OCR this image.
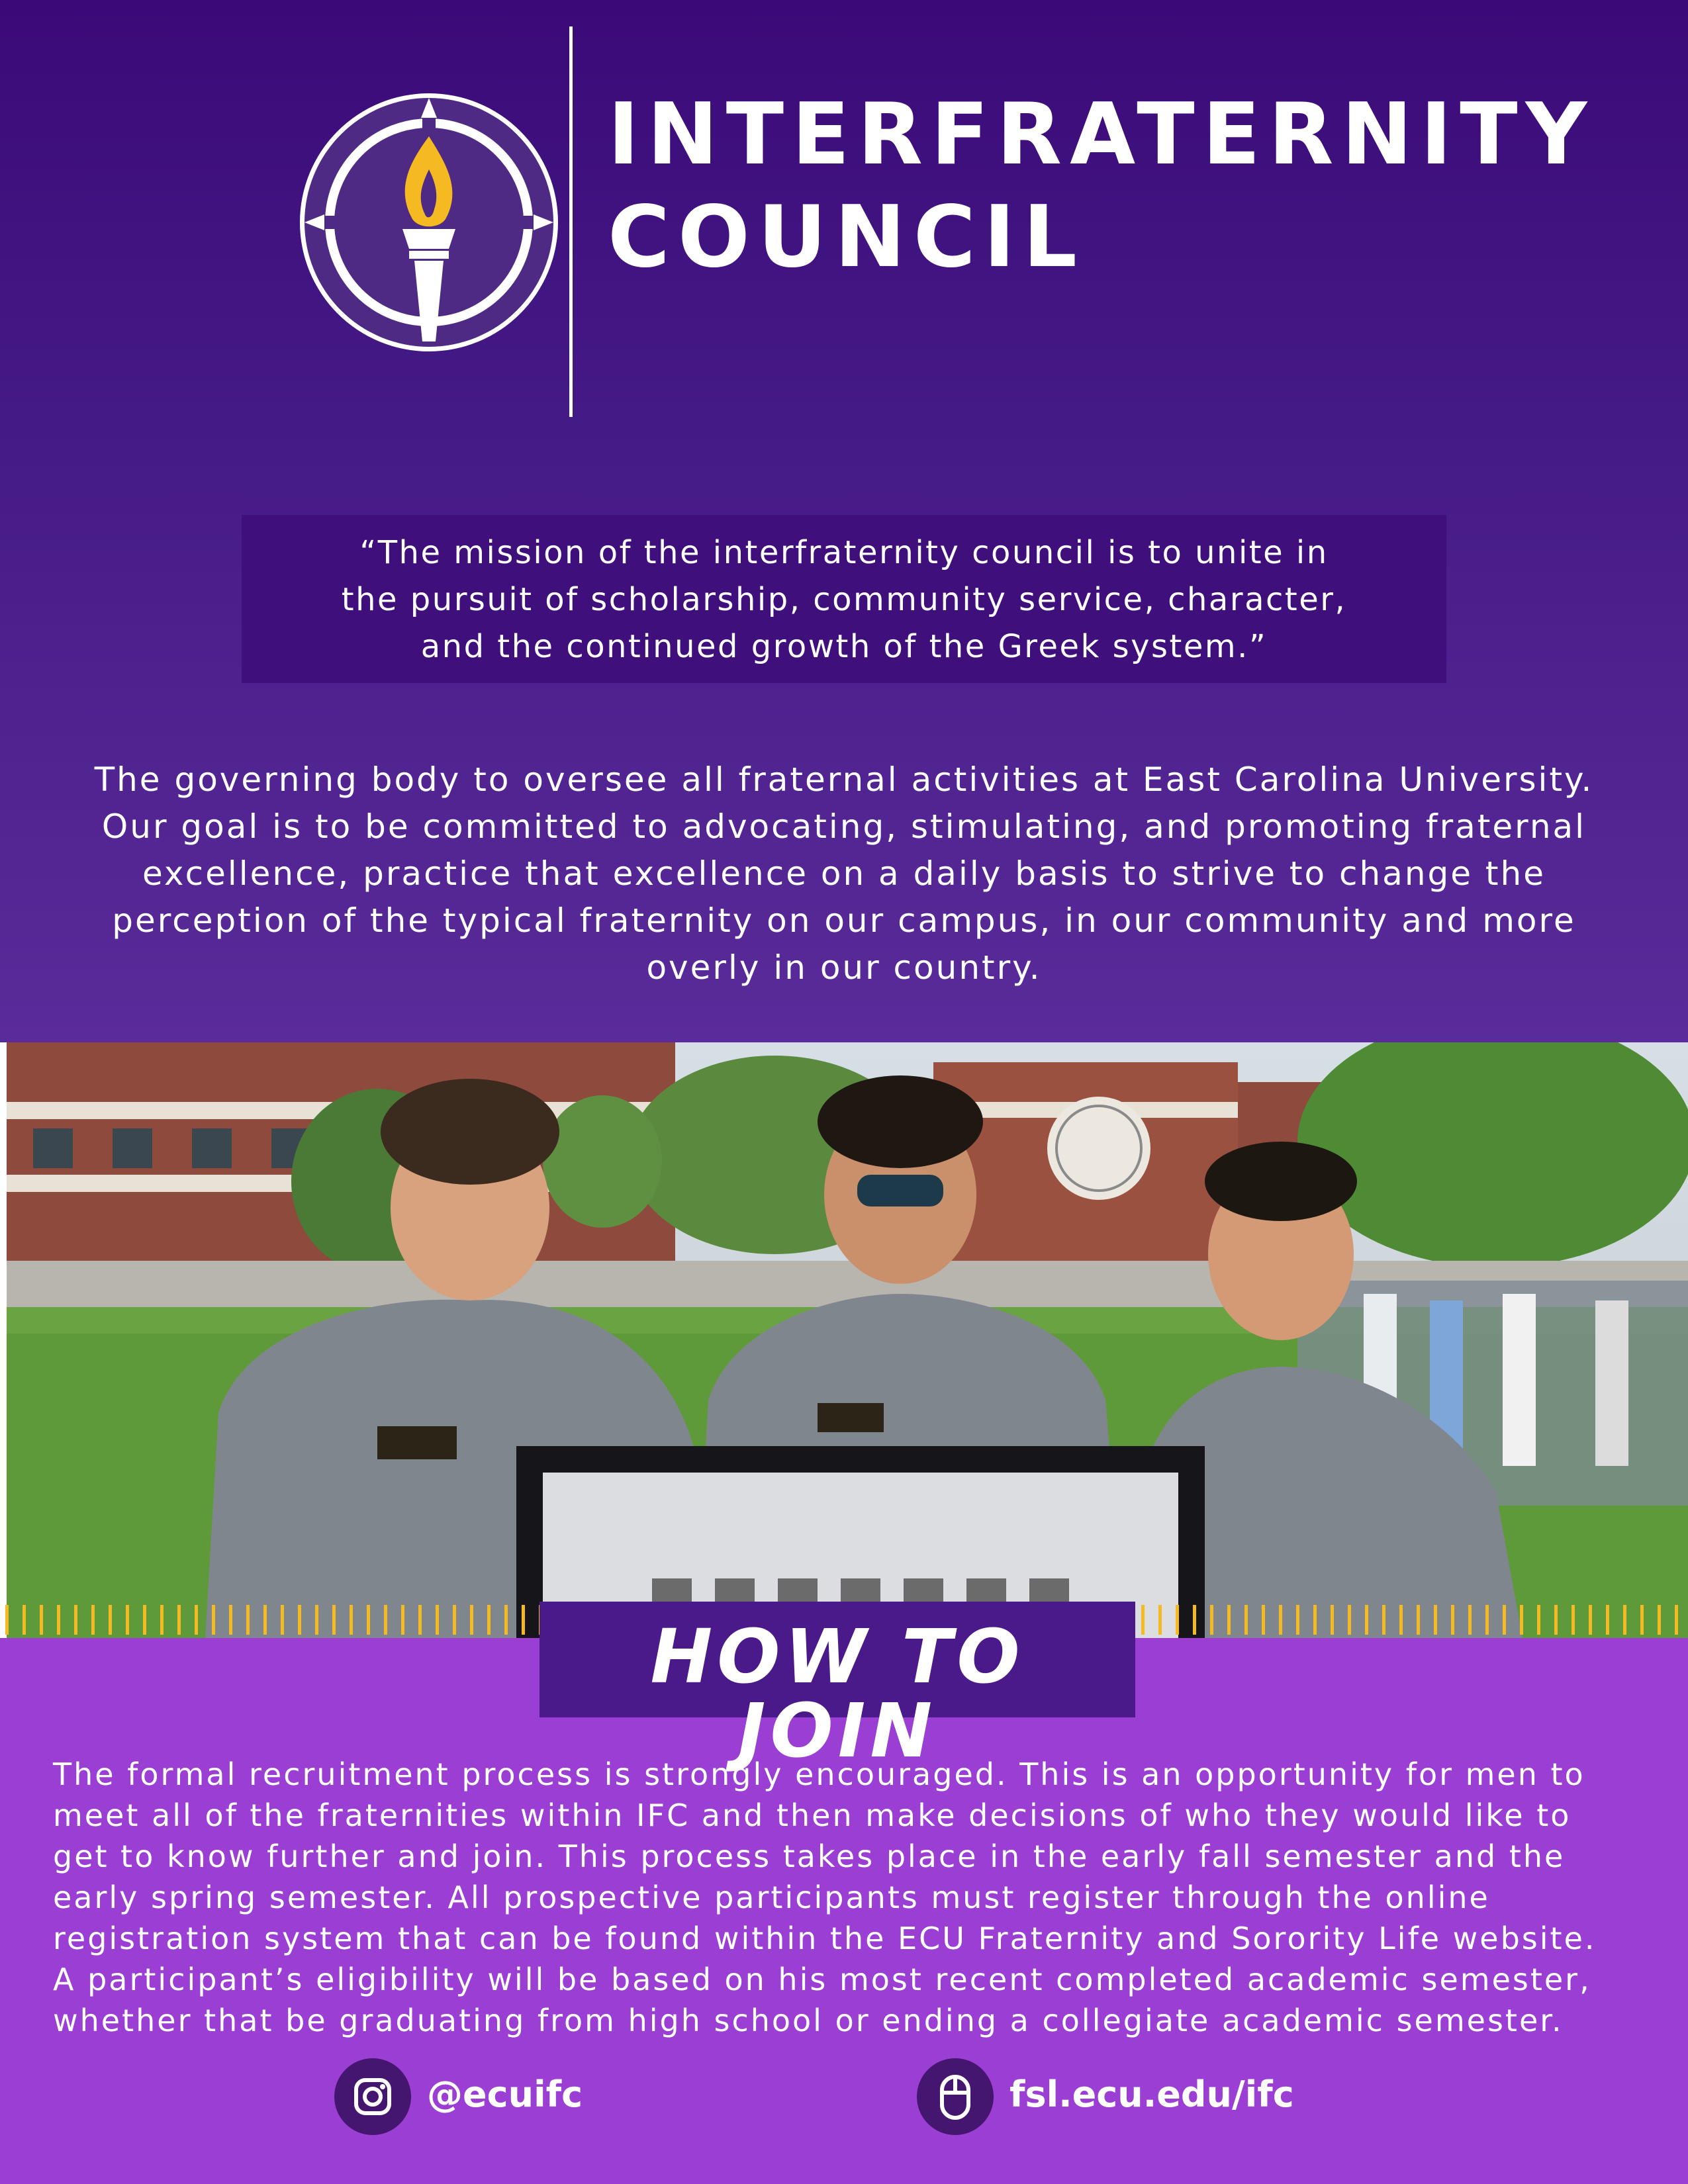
INTERFRATERNITY
COUNCIL
“The mission of the interfraternity council is to unite in
the pursuit of scholarship, community service, character,
and the continued growth of the Greek system.”
The governing body to oversee all fraternal activities at East Carolina University.
Our goal is to be committed to advocating, stimulating, and promoting fraternal
excellence, practice that excellence on a daily basis to strive to change the
perception of the typical fraternity on our campus, in our community and more
overly in our country.
HOW TO JOIN
The formal recruitment process is strongly encouraged. This is an opportunity for men to
meet all of the fraternities within IFC and then make decisions of who they would like to
get to know further and join. This process takes place in the early fall semester and the
early spring semester. All prospective participants must register through the online
registration system that can be found within the ECU Fraternity and Sorority Life website.
A participant’s eligibility will be based on his most recent completed academic semester,
whether that be graduating from high school or ending a collegiate academic semester.
@ecuifc	fsl.ecu.edu/ifc
